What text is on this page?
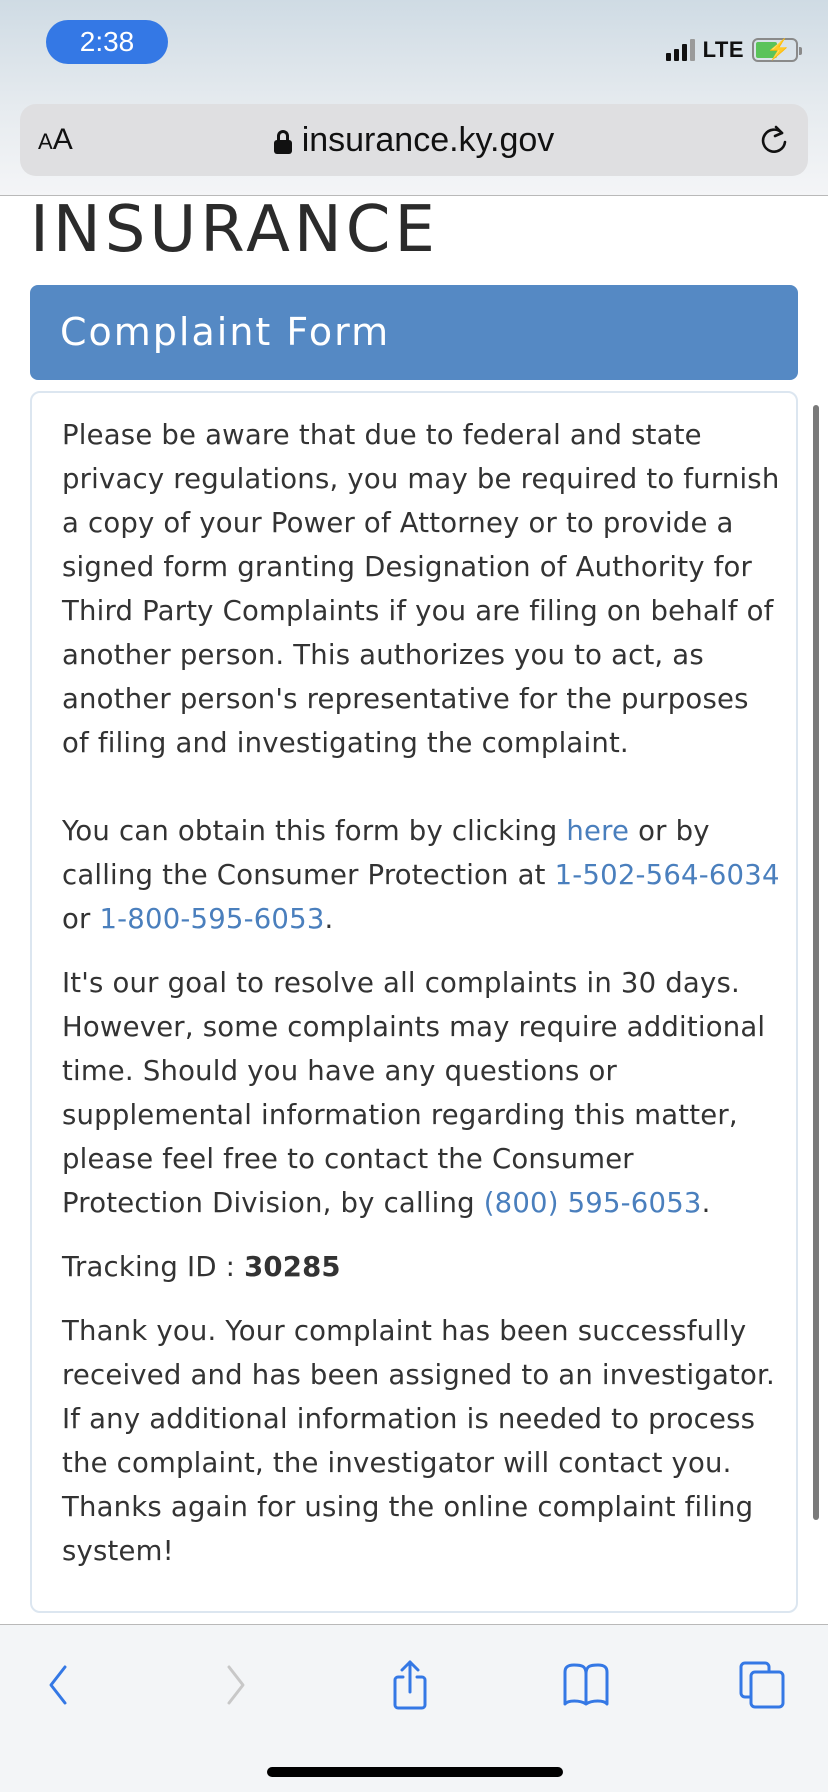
2:38	LTE ⚡
AA	insurance.ky.gov
INSURANCE
Complaint Form

Please be aware that due to federal and state privacy regulations, you may be required to furnish a copy of your Power of Attorney or to provide a signed form granting Designation of Authority for Third Party Complaints if you are filing on behalf of another person. This authorizes you to act, as another person's representative for the purposes of filing and investigating the complaint.

You can obtain this form by clicking here or by calling the Consumer Protection at 1-502-564-6034 or 1-800-595-6053.

It's our goal to resolve all complaints in 30 days. However, some complaints may require additional time. Should you have any questions or supplemental information regarding this matter, please feel free to contact the Consumer Protection Division, by calling (800) 595-6053.

Tracking ID : 30285

Thank you. Your complaint has been successfully received and has been assigned to an investigator. If any additional information is needed to process the complaint, the investigator will contact you. Thanks again for using the online complaint filing system!
